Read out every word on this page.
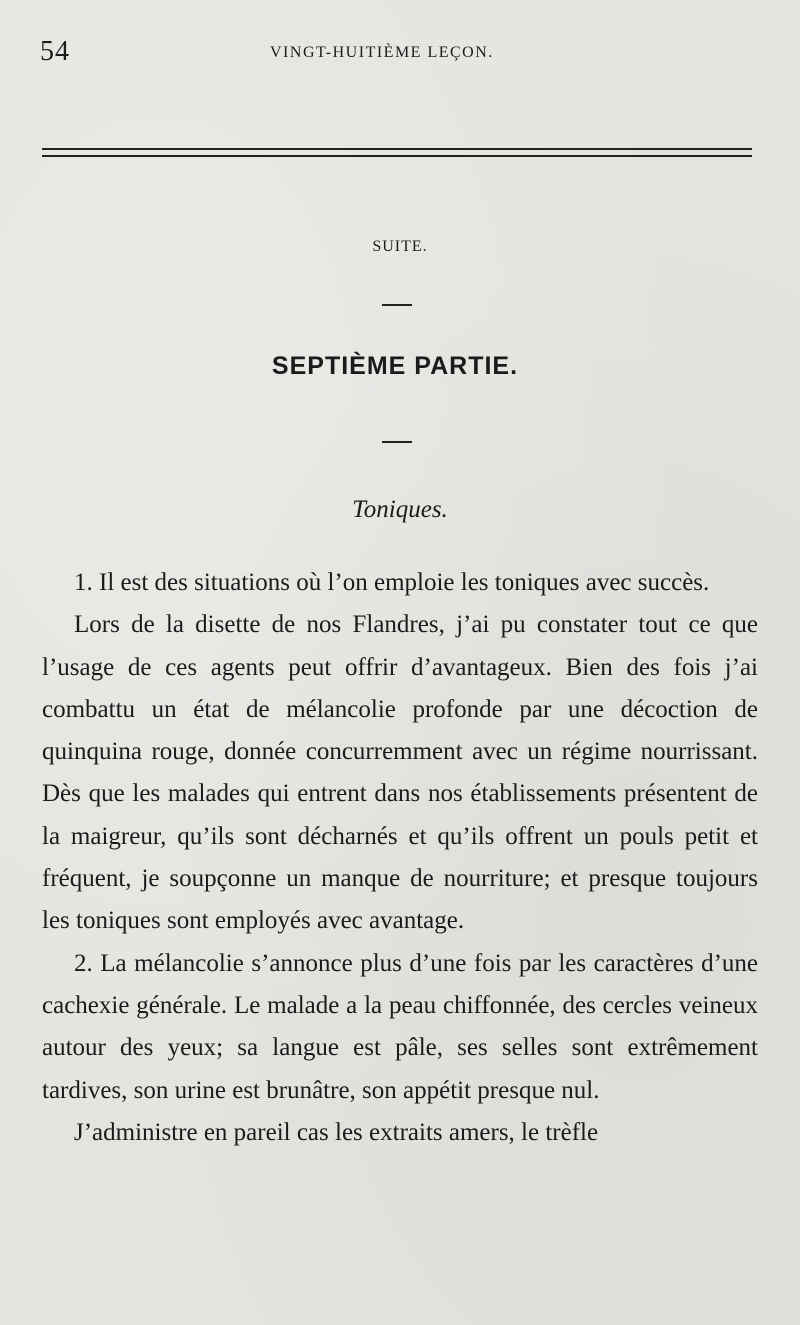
54	VINGT-HUITIÈME LEÇON.
SUITE.
SEPTIÈME PARTIE.
Toniques.

1. Il est des situations où l’on emploie les toniques avec succès.

Lors de la disette de nos Flandres, j’ai pu constater tout ce que l’usage de ces agents peut offrir d’avantageux. Bien des fois j’ai combattu un état de mélancolie profonde par une décoction de quinquina rouge, donnée concurremment avec un régime nourrissant. Dès que les malades qui entrent dans nos établissements présentent de la maigreur, qu’ils sont décharnés et qu’ils offrent un pouls petit et fréquent, je soupçonne un manque de nourriture; et presque toujours les toniques sont employés avec avantage.

2. La mélancolie s’annonce plus d’une fois par les caractères d’une cachexie générale. Le malade a la peau chiffonnée, des cercles veineux autour des yeux; sa langue est pâle, ses selles sont extrêmement tardives, son urine est brunâtre, son appétit presque nul.

J’administre en pareil cas les extraits amers, le trèfle
